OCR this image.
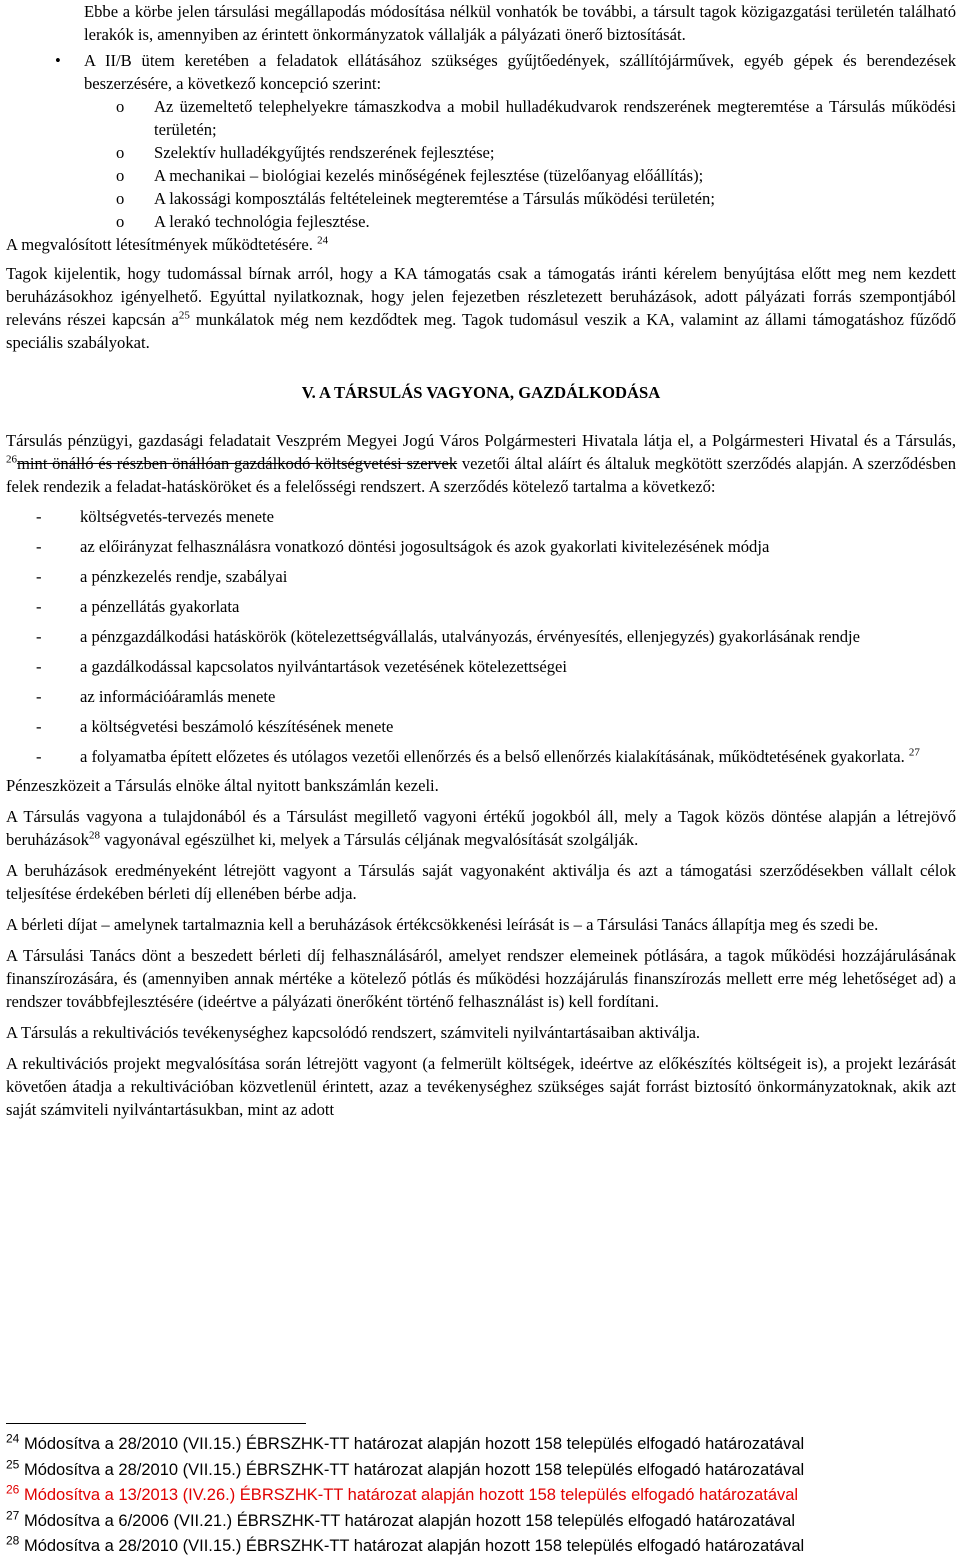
Ebbe a körbe jelen társulási megállapodás módosítása nélkül vonhatók be további, a társult tagok közigazgatási területén található lerakók is, amennyiben az érintett önkormányzatok vállalják a pályázati önerő biztosítását.

• A II/B ütem keretében a feladatok ellátásához szükséges gyűjtőedények, szállítójárművek, egyéb gépek és berendezések beszerzésére, a következő koncepció szerint:

o Az üzemeltető telephelyekre támaszkodva a mobil hulladékudvarok rendszerének megteremtése a Társulás működési területén;

o Szelektív hulladékgyűjtés rendszerének fejlesztése;

o A mechanikai – biológiai kezelés minőségének fejlesztése (tüzelőanyag előállítás);

o A lakossági komposztálás feltételeinek megteremtése a Társulás működési területén;

o A lerakó technológia fejlesztése.

A megvalósított létesítmények működtetésére. $^{24}$

Tagok kijelentik, hogy tudomással bírnak arról, hogy a KA támogatás csak a támogatás iránti kérelem benyújtása előtt meg nem kezdett beruházásokhoz igényelhető. Egyúttal nyilatkoznak, hogy jelen fejezetben részletezett beruházások, adott pályázati forrás szempontjából releváns részei kapcsán $a^{25}$ munkálatok még nem kezdődtek meg. Tagok tudomásul veszik a KA, valamint az állami támogatáshoz fűződő speciális szabályokat.

V. A TÁRSULÁS VAGYONA, GAZDÁLKODÁSA

Társulás pénzügyi, gazdasági feladatait Veszprém Megyei Jogú Város Polgármesteri Hivatala látja el, a Polgármesteri Hivatal és a Társulás, $^{26}$mint önálló és részben önállóan gazdálkodó költségvetési szervek vezetői által aláírt és általuk megkötött szerződés alapján. A szerződésben felek rendezik a feladat-hatásköröket és a felelősségi rendszert. A szerződés kötelező tartalma a következő:

- költségvetés-tervezés menete
- az előirányzat felhasználásra vonatkozó döntési jogosultságok és azok gyakorlati kivitelezésének módja
- a pénzkezelés rendje, szabályai
- a pénzellátás gyakorlata
- a pénzgazdálkodási hatáskörök (kötelezettségvállalás, utalványozás, érvényesítés, ellenjegyzés) gyakorlásának rendje
- a gazdálkodással kapcsolatos nyilvántartások vezetésének kötelezettségei
- az információáramlás menete
- a költségvetési beszámoló készítésének menete
- a folyamatba épített előzetes és utólagos vezetői ellenőrzés és a belső ellenőrzés kialakításának, működtetésének gyakorlata. $^{27}$

Pénzeszközeit a Társulás elnöke által nyitott bankszámlán kezeli.

A Társulás vagyona a tulajdonából és a Társulást megillető vagyoni értékű jogokból áll, mely a Tagok közös döntése alapján a létrejövő beruházások$^{28}$ vagyonával egészülhet ki, melyek a Társulás céljának megvalósítását szolgálják.

A beruházások eredményeként létrejött vagyont a Társulás saját vagyonaként aktiválja és azt a támogatási szerződésekben vállalt célok teljesítése érdekében bérleti díj ellenében bérbe adja.

A bérleti díjat – amelynek tartalmaznia kell a beruházások értékcsökkenési leírását is – a Társulási Tanács állapítja meg és szedi be.

A Társulási Tanács dönt a beszedett bérleti díj felhasználásáról, amelyet rendszer elemeinek pótlására, a tagok működési hozzájárulásának finanszírozására, és (amennyiben annak mértéke a kötelező pótlás és működési hozzájárulás finanszírozás mellett erre még lehetőséget ad) a rendszer továbbfejlesztésére (ideértve a pályázati önerőként történő felhasználást is) kell fordítani.

A Társulás a rekultivációs tevékenységhez kapcsolódó rendszert, számviteli nyilvántartásaiban aktiválja.

A rekultivációs projekt megvalósítása során létrejött vagyont (a felmerült költségek, ideértve az előkészítés költségeit is), a projekt lezárását követően átadja a rekultivációban közvetlenül érintett, azaz a tevékenységhez szükséges saját forrást biztosító önkormányzatoknak, akik azt saját számviteli nyilvántartásukban, mint az adott

$^{24}$ Módosítva a 28/2010 (VII.15.) ÉBRSZHK-TT határozat alapján hozott 158 település elfogadó határozatával
$^{25}$ Módosítva a 28/2010 (VII.15.) ÉBRSZHK-TT határozat alapján hozott 158 település elfogadó határozatával
$^{26}$ Módosítva a 13/2013 (IV.26.) ÉBRSZHK-TT határozat alapján hozott 158 település elfogadó határozatával
$^{27}$ Módosítva a 6/2006 (VII.21.) ÉBRSZHK-TT határozat alapján hozott 158 település elfogadó határozatával
$^{28}$ Módosítva a 28/2010 (VII.15.) ÉBRSZHK-TT határozat alapján hozott 158 település elfogadó határozatával
